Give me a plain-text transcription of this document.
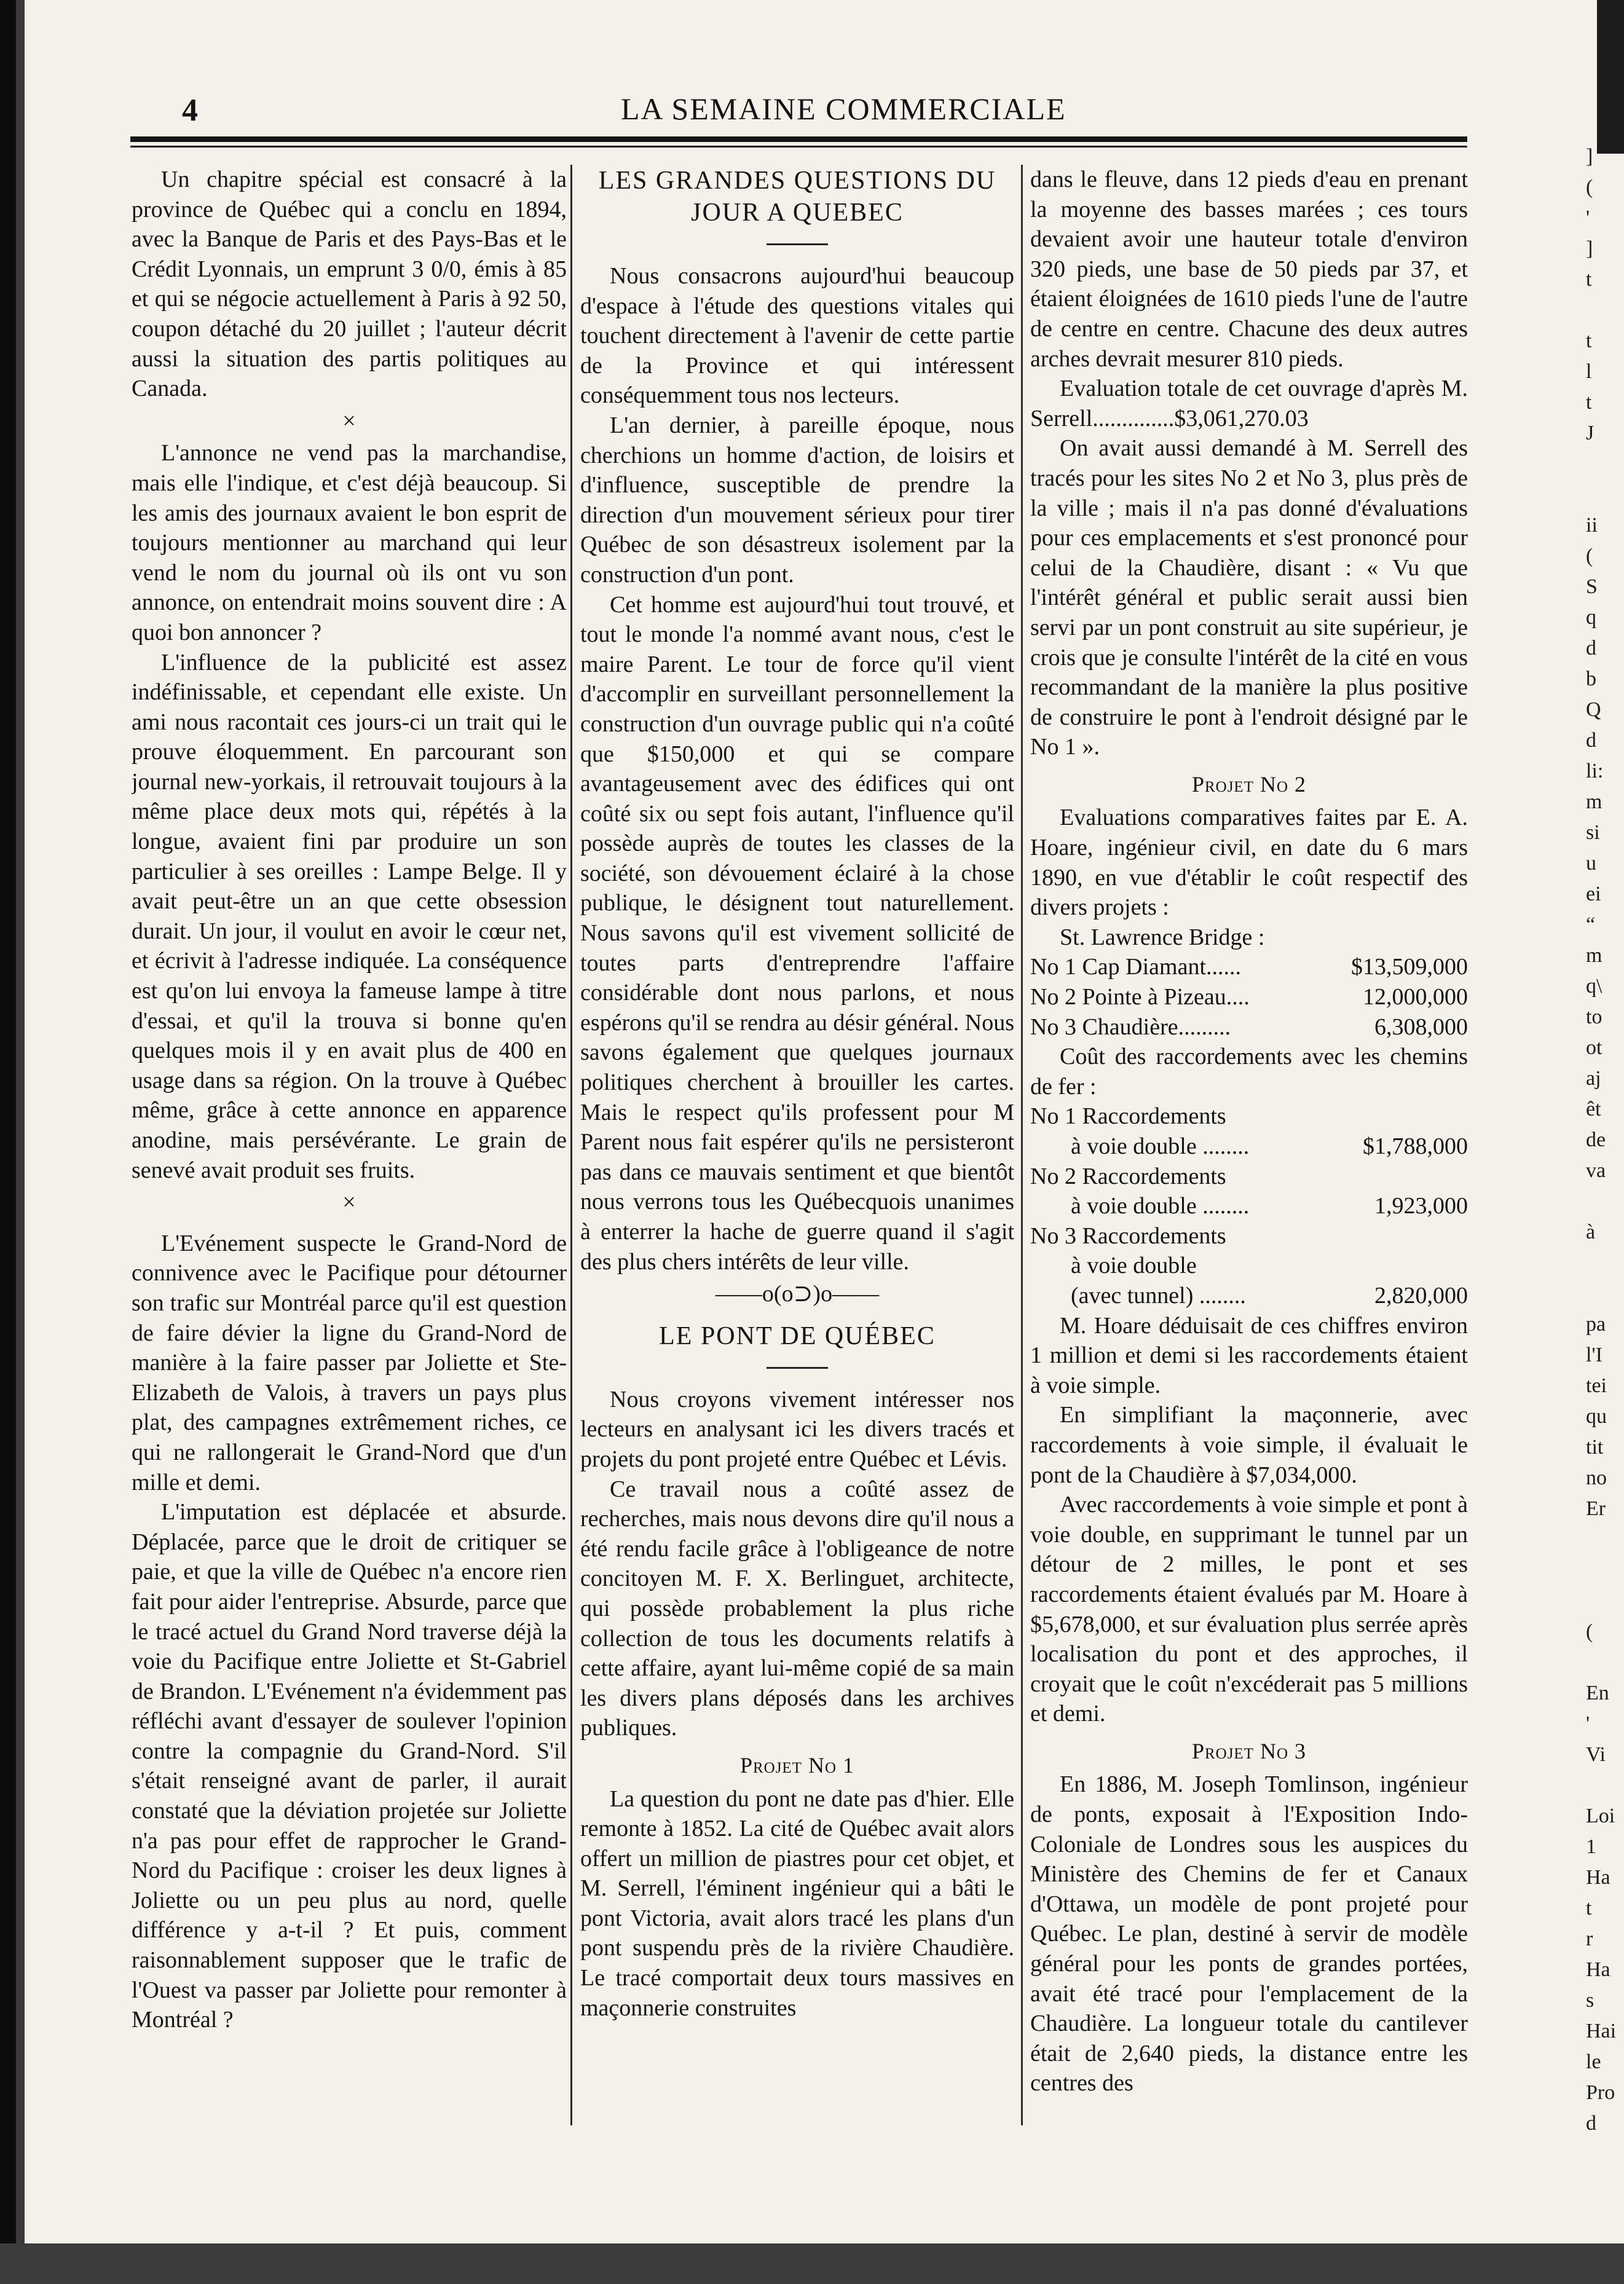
4	LA SEMAINE COMMERCIALE

Un chapitre spécial est consacré à la province de Québec qui a conclu en 1894, avec la Banque de Paris et des Pays-Bas et le Crédit Lyonnais, un emprunt 3 0/0, émis à 85 et qui se négocie actuellement à Paris à 92 50, coupon détaché du 20 juillet ; l'auteur décrit aussi la situation des partis politiques au Canada.

×

L'annonce ne vend pas la marchandise, mais elle l'indique, et c'est déjà beaucoup. Si les amis des journaux avaient le bon esprit de toujours mentionner au marchand qui leur vend le nom du journal où ils ont vu son annonce, on entendrait moins souvent dire : A quoi bon annoncer ?

L'influence de la publicité est assez indéfinissable, et cependant elle existe. Un ami nous racontait ces jours-ci un trait qui le prouve éloquemment. En parcourant son journal new-yorkais, il retrouvait toujours à la même place deux mots qui, répétés à la longue, avaient fini par produire un son particulier à ses oreilles : Lampe Belge. Il y avait peut-être un an que cette obsession durait. Un jour, il voulut en avoir le cœur net, et écrivit à l'adresse indiquée. La conséquence est qu'on lui envoya la fameuse lampe à titre d'essai, et qu'il la trouva si bonne qu'en quelques mois il y en avait plus de 400 en usage dans sa région. On la trouve à Québec même, grâce à cette annonce en apparence anodine, mais persévérante. Le grain de senevé avait produit ses fruits.

×

L'Evénement suspecte le Grand-Nord de connivence avec le Pacifique pour détourner son trafic sur Montréal parce qu'il est question de faire dévier la ligne du Grand-Nord de manière à la faire passer par Joliette et Ste-Elizabeth de Valois, à travers un pays plus plat, des campagnes extrêmement riches, ce qui ne rallongerait le Grand-Nord que d'un mille et demi.

L'imputation est déplacée et absurde. Déplacée, parce que le droit de critiquer se paie, et que la ville de Québec n'a encore rien fait pour aider l'entreprise. Absurde, parce que le tracé actuel du Grand Nord traverse déjà la voie du Pacifique entre Joliette et St-Gabriel de Brandon. L'Evénement n'a évidemment pas réfléchi avant d'essayer de soulever l'opinion contre la compagnie du Grand-Nord. S'il s'était renseigné avant de parler, il aurait constaté que la déviation projetée sur Joliette n'a pas pour effet de rapprocher le Grand-Nord du Pacifique : croiser les deux lignes à Joliette ou un peu plus au nord, quelle différence y a-t-il ? Et puis, comment raisonnablement supposer que le trafic de l'Ouest va passer par Joliette pour remonter à Montréal ?

LES GRANDES QUESTIONS DU JOUR A QUEBEC

Nous consacrons aujourd'hui beaucoup d'espace à l'étude des questions vitales qui touchent directement à l'avenir de cette partie de la Province et qui intéressent conséquemment tous nos lecteurs.

L'an dernier, à pareille époque, nous cherchions un homme d'action, de loisirs et d'influence, susceptible de prendre la direction d'un mouvement sérieux pour tirer Québec de son désastreux isolement par la construction d'un pont.

Cet homme est aujourd'hui tout trouvé, et tout le monde l'a nommé avant nous, c'est le maire Parent. Le tour de force qu'il vient d'accomplir en surveillant personnellement la construction d'un ouvrage public qui n'a coûté que $150,000 et qui se compare avantageusement avec des édifices qui ont coûté six ou sept fois autant, l'influence qu'il possède auprès de toutes les classes de la société, son dévouement éclairé à la chose publique, le désignent tout naturellement. Nous savons qu'il est vivement sollicité de toutes parts d'entreprendre l'affaire considérable dont nous parlons, et nous espérons qu'il se rendra au désir général. Nous savons également que quelques journaux politiques cherchent à brouiller les cartes. Mais le respect qu'ils professent pour M Parent nous fait espérer qu'ils ne persisteront pas dans ce mauvais sentiment et que bientôt nous verrons tous les Québecquois unanimes à enterrer la hache de guerre quand il s'agit des plus chers intérêts de leur ville.

——o(o⊃)o——

LE PONT DE QUÉBEC

Nous croyons vivement intéresser nos lecteurs en analysant ici les divers tracés et projets du pont projeté entre Québec et Lévis.

Ce travail nous a coûté assez de recherches, mais nous devons dire qu'il nous a été rendu facile grâce à l'obligeance de notre concitoyen M. F. X. Berlinguet, architecte, qui possède probablement la plus riche collection de tous les documents relatifs à cette affaire, ayant lui-même copié de sa main les divers plans déposés dans les archives publiques.

Projet No 1

La question du pont ne date pas d'hier. Elle remonte à 1852. La cité de Québec avait alors offert un million de piastres pour cet objet, et M. Serrell, l'éminent ingénieur qui a bâti le pont Victoria, avait alors tracé les plans d'un pont suspendu près de la rivière Chaudière. Le tracé comportait deux tours massives en maçonnerie construites

dans le fleuve, dans 12 pieds d'eau en prenant la moyenne des basses marées ; ces tours devaient avoir une hauteur totale d'environ 320 pieds, une base de 50 pieds par 37, et étaient éloignées de 1610 pieds l'une de l'autre de centre en centre. Chacune des deux autres arches devrait mesurer 810 pieds.

Evaluation totale de cet ouvrage d'après M. Serrell..............$3,061,270.03

On avait aussi demandé à M. Serrell des tracés pour les sites No 2 et No 3, plus près de la ville ; mais il n'a pas donné d'évaluations pour ces emplacements et s'est prononcé pour celui de la Chaudière, disant : « Vu que l'intérêt général et public serait aussi bien servi par un pont construit au site supérieur, je crois que je consulte l'intérêt de la cité en vous recommandant de la manière la plus positive de construire le pont à l'endroit désigné par le No 1 ».

Projet No 2

Evaluations comparatives faites par E. A. Hoare, ingénieur civil, en date du 6 mars 1890, en vue d'établir le coût respectif des divers projets :

St. Lawrence Bridge :

No 1 Cap Diamant......	$13,509,000
No 2 Pointe à Pizeau....	12,000,000
No 3 Chaudière.........	6,308,000

Coût des raccordements avec les chemins de fer :

No 1 Raccordements
à voie double ........	$1,788,000
No 2 Raccordements
à voie double ........	1,923,000
No 3 Raccordements
à voie double
(avec tunnel) ........	2,820,000

M. Hoare déduisait de ces chiffres environ 1 million et demi si les raccordements étaient à voie simple.

En simplifiant la maçonnerie, avec raccordements à voie simple, il évaluait le pont de la Chaudière à $7,034,000.

Avec raccordements à voie simple et pont à voie double, en supprimant le tunnel par un détour de 2 milles, le pont et ses raccordements étaient évalués par M. Hoare à $5,678,000, et sur évaluation plus serrée après localisation du pont et des approches, il croyait que le coût n'excéderait pas 5 millions et demi.

Projet No 3

En 1886, M. Joseph Tomlinson, ingénieur de ponts, exposait à l'Exposition Indo-Coloniale de Londres sous les auspices du Ministère des Chemins de fer et Canaux d'Ottawa, un modèle de pont projeté pour Québec. Le plan, destiné à servir de modèle général pour les ponts de grandes portées, avait été tracé pour l'emplacement de la Chaudière. La longueur totale du cantilever était de 2,640 pieds, la distance entre les centres des

]
(
'
]
t

t
l
t
J

ii
(
S
q
d
b
Q
d
li:
m
si
u
ei
“
m
q\
to
ot
aj
êt
de
va

à

pa
l'I
tei
qu
tit
no
Er

(

En
'
Vi

Loi
1
Ha
t
r
Ha
s
Hai
le
Pro
d
